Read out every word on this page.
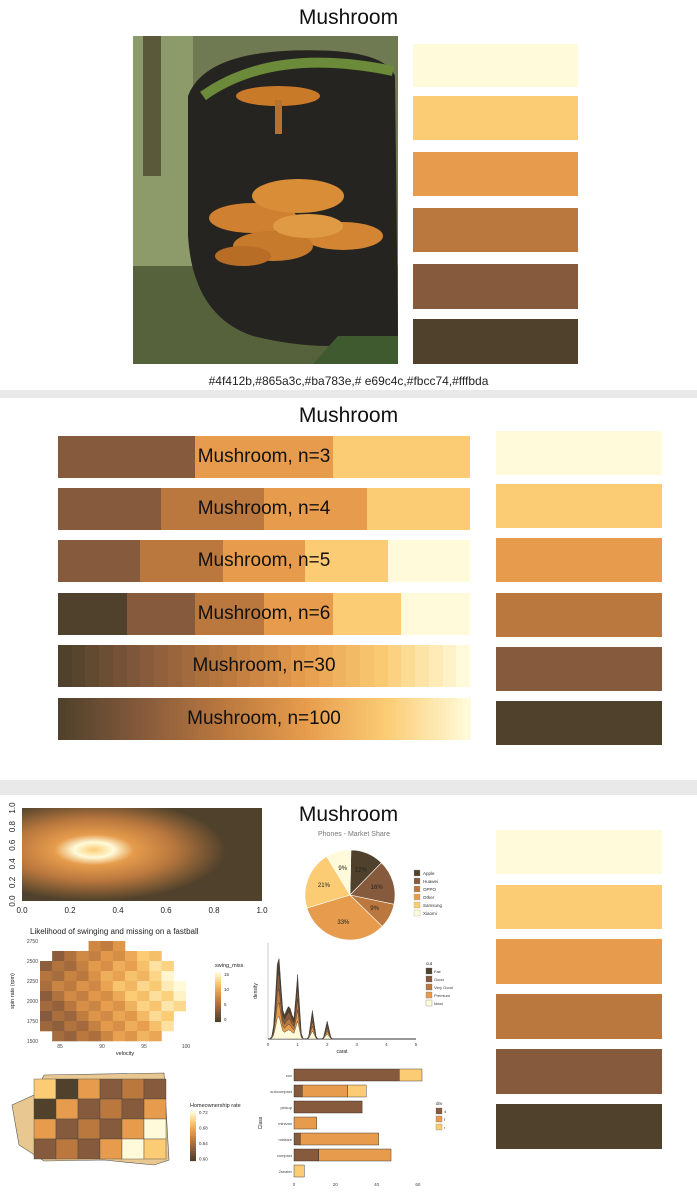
Mushroom
#4f412b,#865a3c,#ba783e,# e69c4c,#fbcc74,#fffbda
Mushroom
Mushroom, n=3
Mushroom, n=4
Mushroom, n=5
Mushroom, n=6
Mushroom, n=30
Mushroom, n=100
Mushroom
0.0
0.2
0.4
0.6
0.8
1.0
0.0	0.2	0.4	0.6	0.8	1.0
Phones - Market Share
12%
16%
9%
33%
21%
9%
Apple
Huawei
OPPO
Other
Samsung
Xiaomi
Likelihood of swinging and missing on a fastball
1500
1750
2000
2250
2500
2750
85	90	95	100
velocity
spin rate (rpm)
swing_miss
15
10
5
0
0	1	2	3	4	5
carat
density
cut
Fair
Good
Very Good
Premium
Ideal
Homeownership rate
0.72
0.68
0.64
0.60
suv
subcompact
pickup
minivan
midsize
compact
2seater
0	20	40	60
Class
drv
4
f
r
